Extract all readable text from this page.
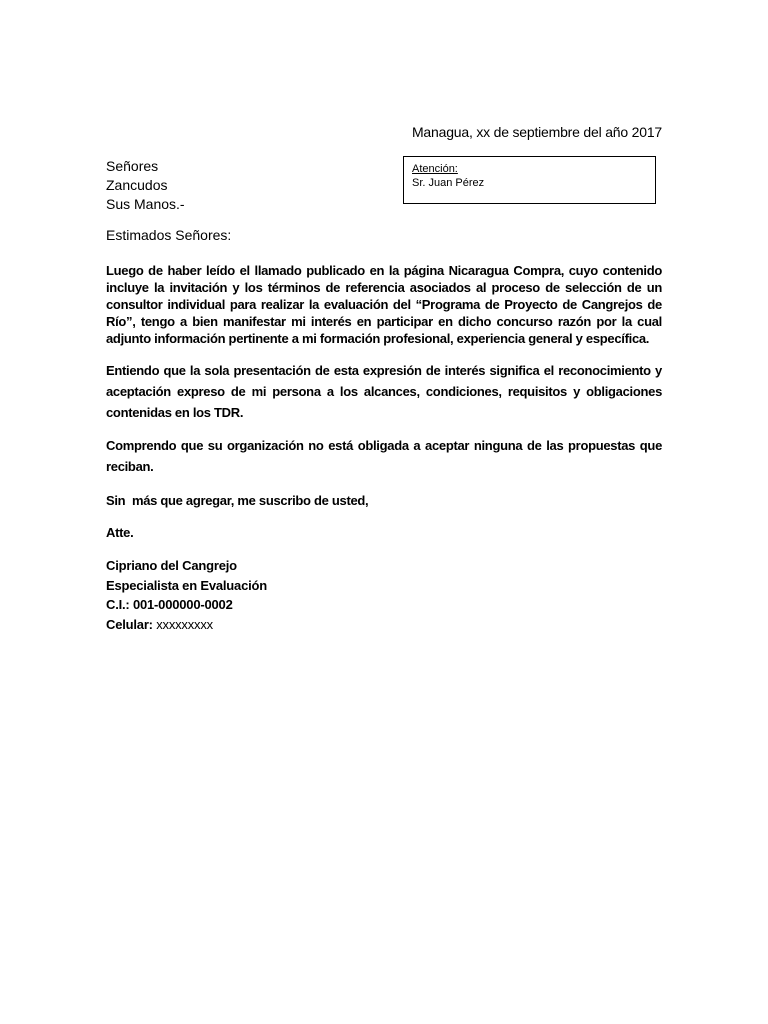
Managua, xx de septiembre del año 2017
Señores
Zancudos
Sus Manos.-
Atención:
Sr. Juan Pérez
Estimados Señores:
Luego de haber leído el llamado publicado en la página Nicaragua Compra, cuyo contenido incluye la invitación y los términos de referencia asociados al proceso de selección de un consultor individual para realizar la evaluación del “Programa de Proyecto de Cangrejos de Río”, tengo a bien manifestar mi interés en participar en dicho concurso razón por la cual adjunto información pertinente a mi formación profesional, experiencia general y específica.
Entiendo que la sola presentación de esta expresión de interés significa el reconocimiento y aceptación expreso de mi persona a los alcances, condiciones, requisitos y obligaciones contenidas en los TDR.
Comprendo que su organización no está obligada a aceptar ninguna de las propuestas que reciban.
Sin  más que agregar, me suscribo de usted,
Atte.
Cipriano del Cangrejo
Especialista en Evaluación
C.I.: 001-000000-0002
Celular: xxxxxxxxx
